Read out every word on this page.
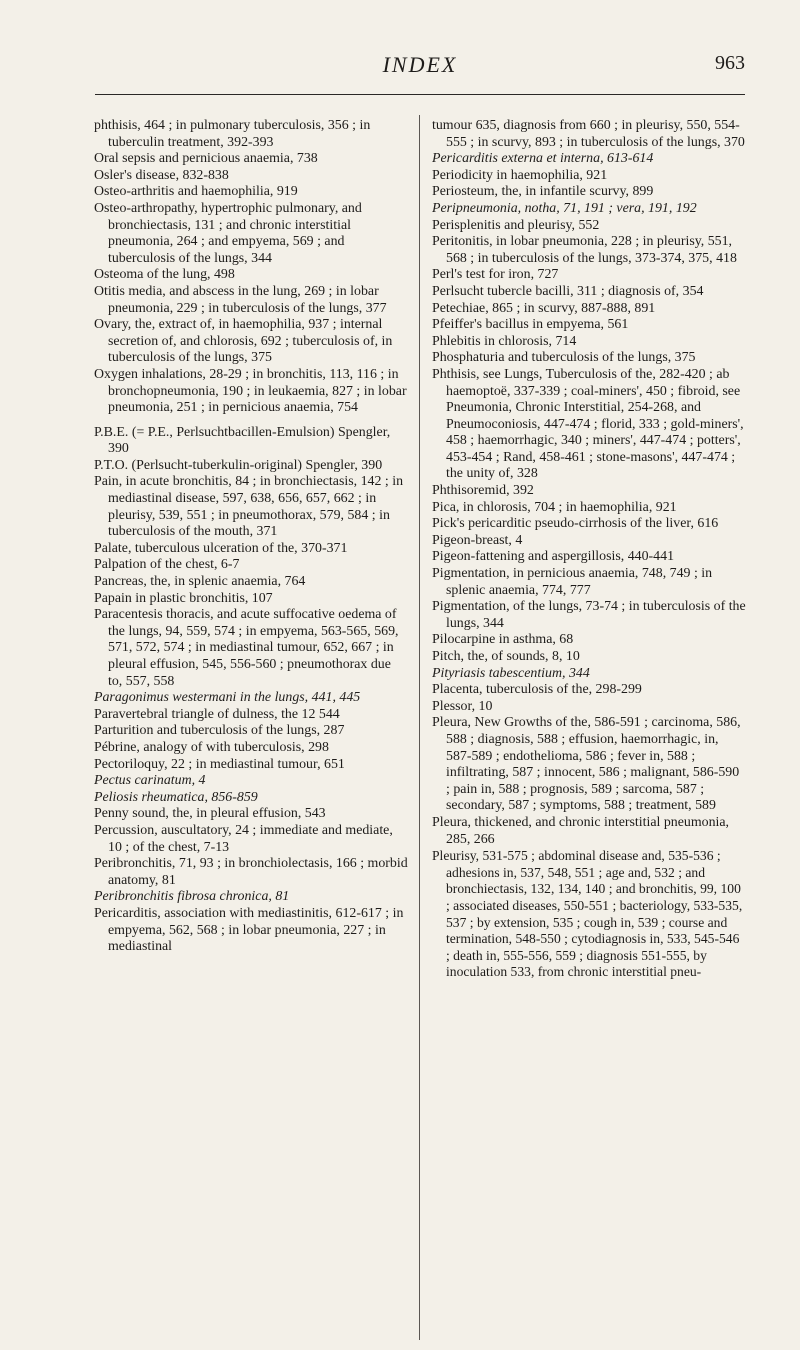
INDEX	963

phthisis, 464 ; in pulmonary tuberculosis, 356 ; in tuberculin treatment, 392-393

Oral sepsis and pernicious anaemia, 738

Osler's disease, 832-838

Osteo-arthritis and haemophilia, 919

Osteo-arthropathy, hypertrophic pulmonary, and bronchiectasis, 131 ; and chronic interstitial pneumonia, 264 ; and empyema, 569 ; and tuberculosis of the lungs, 344

Osteoma of the lung, 498

Otitis media, and abscess in the lung, 269 ; in lobar pneumonia, 229 ; in tuberculosis of the lungs, 377

Ovary, the, extract of, in haemophilia, 937 ; internal secretion of, and chlorosis, 692 ; tuberculosis of, in tuberculosis of the lungs, 375

Oxygen inhalations, 28-29 ; in bronchitis, 113, 116 ; in bronchopneumonia, 190 ; in leukaemia, 827 ; in lobar pneumonia, 251 ; in pernicious anaemia, 754

P.B.E. (= P.E., Perlsuchtbacillen-Emulsion) Spengler, 390

P.T.O. (Perlsucht-tuberkulin-original) Spengler, 390

Pain, in acute bronchitis, 84 ; in bronchiectasis, 142 ; in mediastinal disease, 597, 638, 656, 657, 662 ; in pleurisy, 539, 551 ; in pneumothorax, 579, 584 ; in tuberculosis of the mouth, 371

Palate, tuberculous ulceration of the, 370-371

Palpation of the chest, 6-7

Pancreas, the, in splenic anaemia, 764

Papain in plastic bronchitis, 107

Paracentesis thoracis, and acute suffocative oedema of the lungs, 94, 559, 574 ; in empyema, 563-565, 569, 571, 572, 574 ; in mediastinal tumour, 652, 667 ; in pleural effusion, 545, 556-560 ; pneumothorax due to, 557, 558

Paragonimus westermani in the lungs, 441, 445

Paravertebral triangle of dulness, the 12 544

Parturition and tuberculosis of the lungs, 287

Pébrine, analogy of with tuberculosis, 298

Pectoriloquy, 22 ; in mediastinal tumour, 651

Pectus carinatum, 4

Peliosis rheumatica, 856-859

Penny sound, the, in pleural effusion, 543

Percussion, auscultatory, 24 ; immediate and mediate, 10 ; of the chest, 7-13

Peribronchitis, 71, 93 ; in bronchiolectasis, 166 ; morbid anatomy, 81

Peribronchitis fibrosa chronica, 81

Pericarditis, association with mediastinitis, 612-617 ; in empyema, 562, 568 ; in lobar pneumonia, 227 ; in mediastinal

tumour 635, diagnosis from 660 ; in pleurisy, 550, 554-555 ; in scurvy, 893 ; in tuberculosis of the lungs, 370

Pericarditis externa et interna, 613-614

Periodicity in haemophilia, 921

Periosteum, the, in infantile scurvy, 899

Peripneumonia, notha, 71, 191 ; vera, 191, 192

Perisplenitis and pleurisy, 552

Peritonitis, in lobar pneumonia, 228 ; in pleurisy, 551, 568 ; in tuberculosis of the lungs, 373-374, 375, 418

Perl's test for iron, 727

Perlsucht tubercle bacilli, 311 ; diagnosis of, 354

Petechiae, 865 ; in scurvy, 887-888, 891

Pfeiffer's bacillus in empyema, 561

Phlebitis in chlorosis, 714

Phosphaturia and tuberculosis of the lungs, 375

Phthisis, see Lungs, Tuberculosis of the, 282-420 ; ab haemoptoë, 337-339 ; coal-miners', 450 ; fibroid, see Pneumonia, Chronic Interstitial, 254-268, and Pneumoconiosis, 447-474 ; florid, 333 ; gold-miners', 458 ; haemorrhagic, 340 ; miners', 447-474 ; potters', 453-454 ; Rand, 458-461 ; stone-masons', 447-474 ; the unity of, 328

Phthisoremid, 392

Pica, in chlorosis, 704 ; in haemophilia, 921

Pick's pericarditic pseudo-cirrhosis of the liver, 616

Pigeon-breast, 4

Pigeon-fattening and aspergillosis, 440-441

Pigmentation, in pernicious anaemia, 748, 749 ; in splenic anaemia, 774, 777

Pigmentation, of the lungs, 73-74 ; in tuberculosis of the lungs, 344

Pilocarpine in asthma, 68

Pitch, the, of sounds, 8, 10

Pityriasis tabescentium, 344

Placenta, tuberculosis of the, 298-299

Plessor, 10

Pleura, New Growths of the, 586-591 ; carcinoma, 586, 588 ; diagnosis, 588 ; effusion, haemorrhagic, in, 587-589 ; endothelioma, 586 ; fever in, 588 ; infiltrating, 587 ; innocent, 586 ; malignant, 586-590 ; pain in, 588 ; prognosis, 589 ; sarcoma, 587 ; secondary, 587 ; symptoms, 588 ; treatment, 589

Pleura, thickened, and chronic interstitial pneumonia, 285, 266

Pleurisy, 531-575 ; abdominal disease and, 535-536 ; adhesions in, 537, 548, 551 ; age and, 532 ; and bronchiectasis, 132, 134, 140 ; and bronchitis, 99, 100 ; associated diseases, 550-551 ; bacteriology, 533-535, 537 ; by extension, 535 ; cough in, 539 ; course and termination, 548-550 ; cytodiagnosis in, 533, 545-546 ; death in, 555-556, 559 ; diagnosis 551-555, by inoculation 533, from chronic interstitial pneu-
